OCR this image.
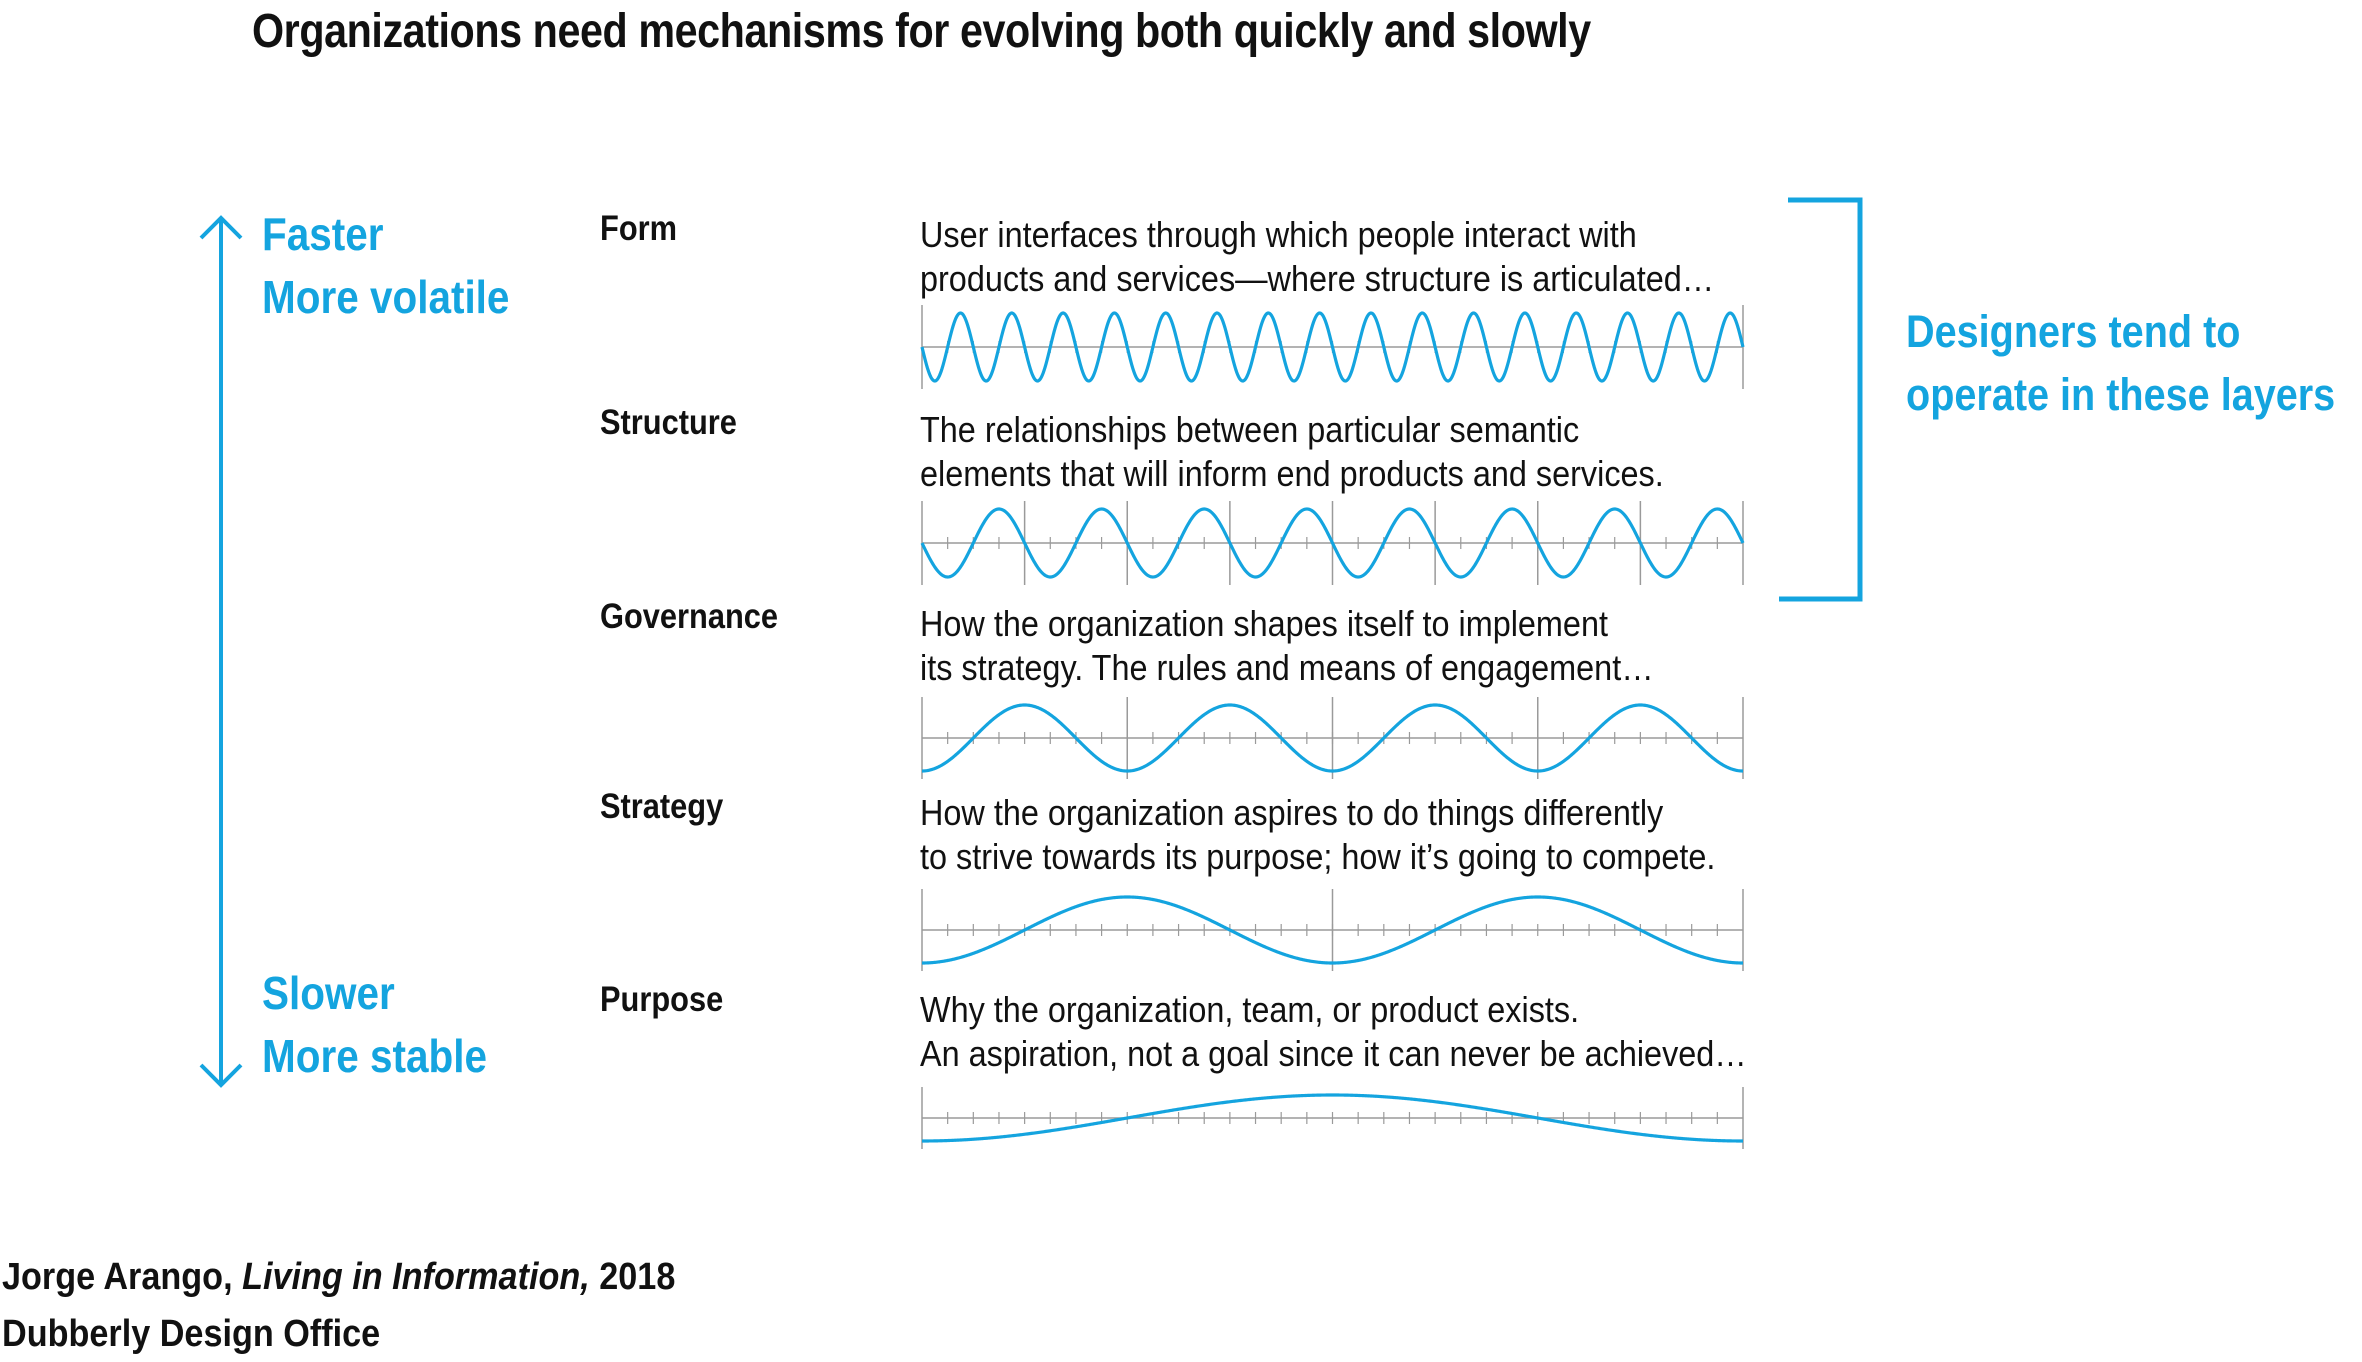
Organizations need mechanisms for evolving both quickly and slowly
Faster
More volatile
Slower
More stable
Form	User interfaces through which people interact with
products and services—where structure is articulated…
Structure	The relationships between particular semantic
elements that will inform end products and services.
Governance	How the organization shapes itself to implement
its strategy. The rules and means of engagement…
Strategy	How the organization aspires to do things differently
to strive towards its purpose; how it’s going to compete.
Purpose	Why the organization, team, or product exists.
An aspiration, not a goal since it can never be achieved…
Designers tend to
operate in these layers
Jorge Arango, Living in Information, 2018
Dubberly Design Office
